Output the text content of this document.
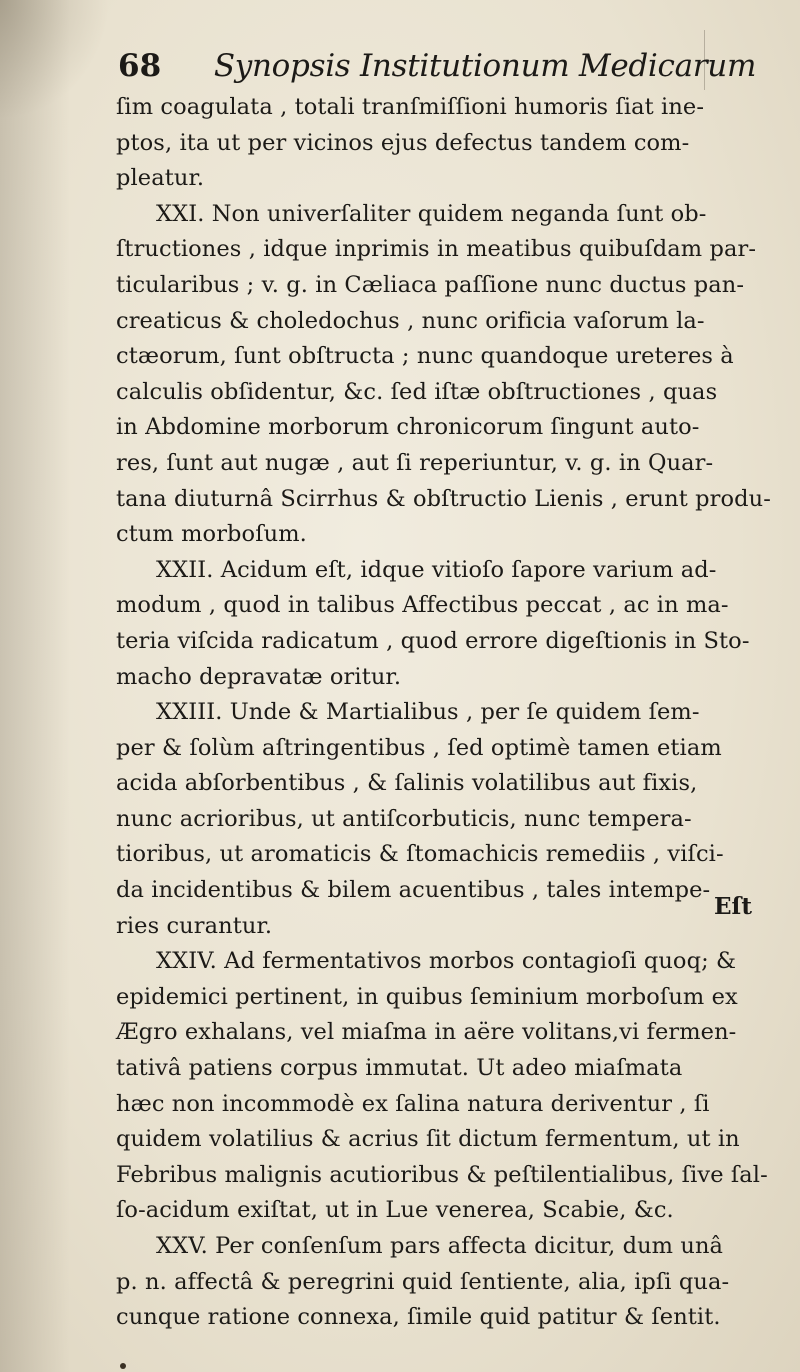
68 Synopsis Institutionum Medicarum
ſim coagulata , totali tranſmiſſioni humoris ſiat ine-
ptos, ita ut per vicinos ejus defectus tandem com-
pleatur.
XXI. Non univerſaliter quidem neganda ſunt ob-
ſtructiones , idque inprimis in meatibus quibuſdam par-
ticularibus ; v. g. in Cæliaca paſſione nunc ductus pan-
creaticus & choledochus , nunc orificia vaſorum la-
ctæorum, ſunt obſtructa ; nunc quandoque ureteres à
calculis obſidentur, &c. ſed iſtæ obſtructiones , quas
in Abdomine morborum chronicorum ſingunt auto-
res, ſunt aut nugæ , aut ſi reperiuntur, v. g. in Quar-
tana diuturnâ Scirrhus & obſtructio Lienis , erunt produ-
ctum morboſum.
XXII. Acidum eſt, idque vitioſo ſapore varium ad-
modum , quod in talibus Affectibus peccat , ac in ma-
teria viſcida radicatum , quod errore digeſtionis in Sto-
macho depravatæ oritur.
XXIII. Unde & Martialibus , per ſe quidem ſem-
per & ſolùm aſtringentibus , ſed optimè tamen etiam
acida abſorbentibus , & ſalinis volatilibus aut fixis,
nunc acrioribus, ut antiſcorbuticis, nunc tempera-
tioribus, ut aromaticis & ſtomachicis remediis , viſci-
da incidentibus & bilem acuentibus , tales intempe-
ries curantur.
XXIV. Ad fermentativos morbos contagioſi quoq; &
epidemici pertinent, in quibus ſeminium morboſum ex
Ægro exhalans, vel miaſma in aëre volitans,vi fermen-
tativâ patiens corpus immutat. Ut adeo miaſmata
hæc non incommodè ex ſalina natura deriventur , ſi
quidem volatilius & acrius ſit dictum fermentum, ut in
Febribus malignis acutioribus & peſtilentialibus, ſive ſal-
ſo-acidum exiſtat, ut in Lue venerea, Scabie, &c.
XXV. Per conſenſum pars affecta dicitur, dum unâ
p. n. affectâ & peregrini quid ſentiente, alia, ipſi qua-
cunque ratione connexa, ſimile quid patitur & ſentit.
Eſt
